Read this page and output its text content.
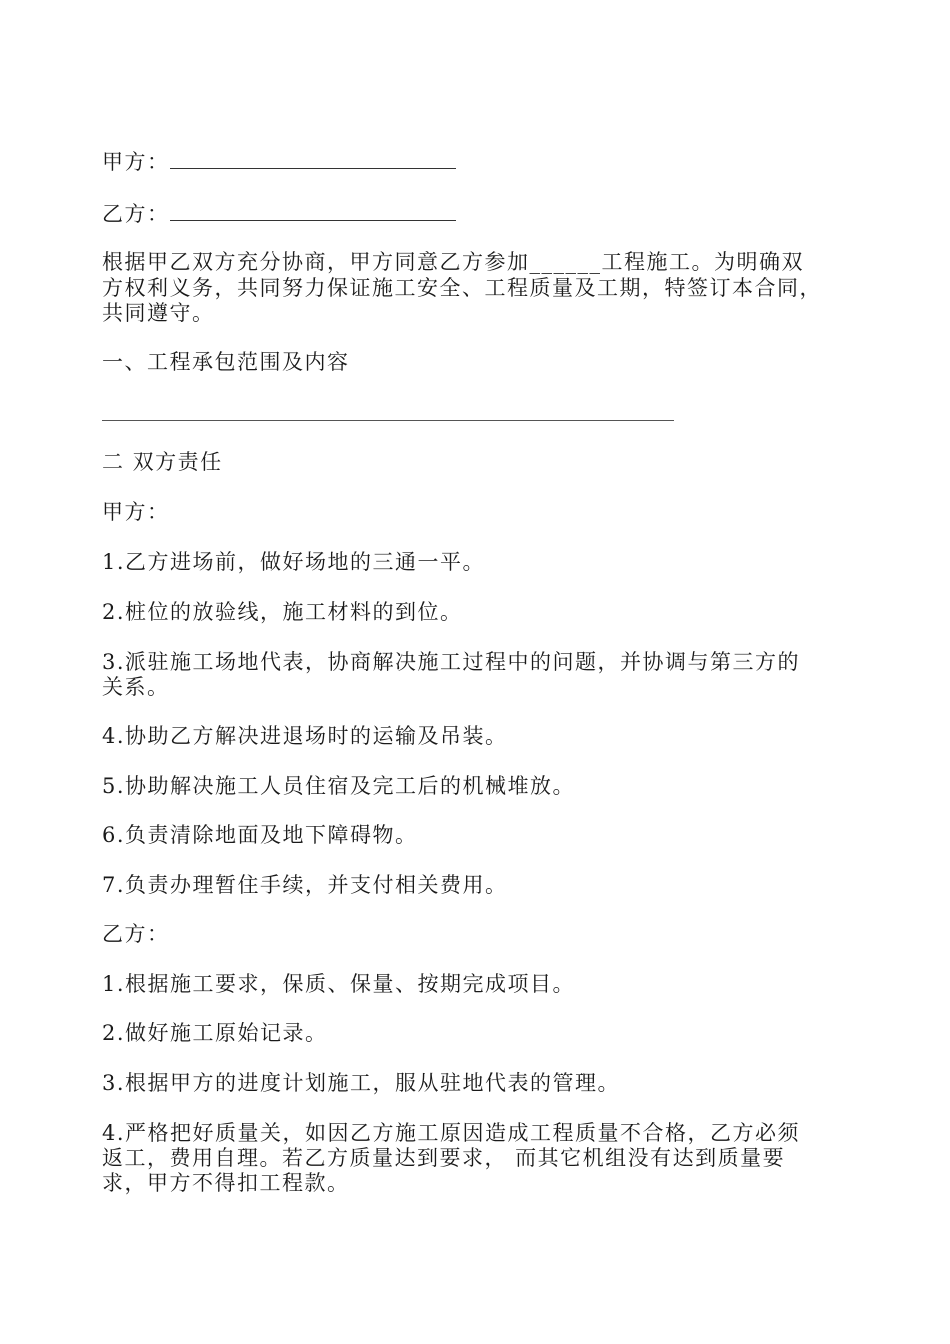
甲方：
乙方：
根据甲乙双方充分协商，甲方同意乙方参加______工程施工。为明确双
方权利义务，共同努力保证施工安全、工程质量及工期，特签订本合同，
共同遵守。
一、工程承包范围及内容
二 双方责任
甲方：
1.乙方进场前，做好场地的三通一平。
2.桩位的放验线，施工材料的到位。
3.派驻施工场地代表，协商解决施工过程中的问题，并协调与第三方的
关系。
4.协助乙方解决进退场时的运输及吊装。
5.协助解决施工人员住宿及完工后的机械堆放。
6.负责清除地面及地下障碍物。
7.负责办理暂住手续，并支付相关费用。
乙方：
1.根据施工要求，保质、保量、按期完成项目。
2.做好施工原始记录。
3.根据甲方的进度计划施工，服从驻地代表的管理。
4.严格把好质量关，如因乙方施工原因造成工程质量不合格，乙方必须
返工，费用自理。若乙方质量达到要求， 而其它机组没有达到质量要
求，甲方不得扣工程款。
